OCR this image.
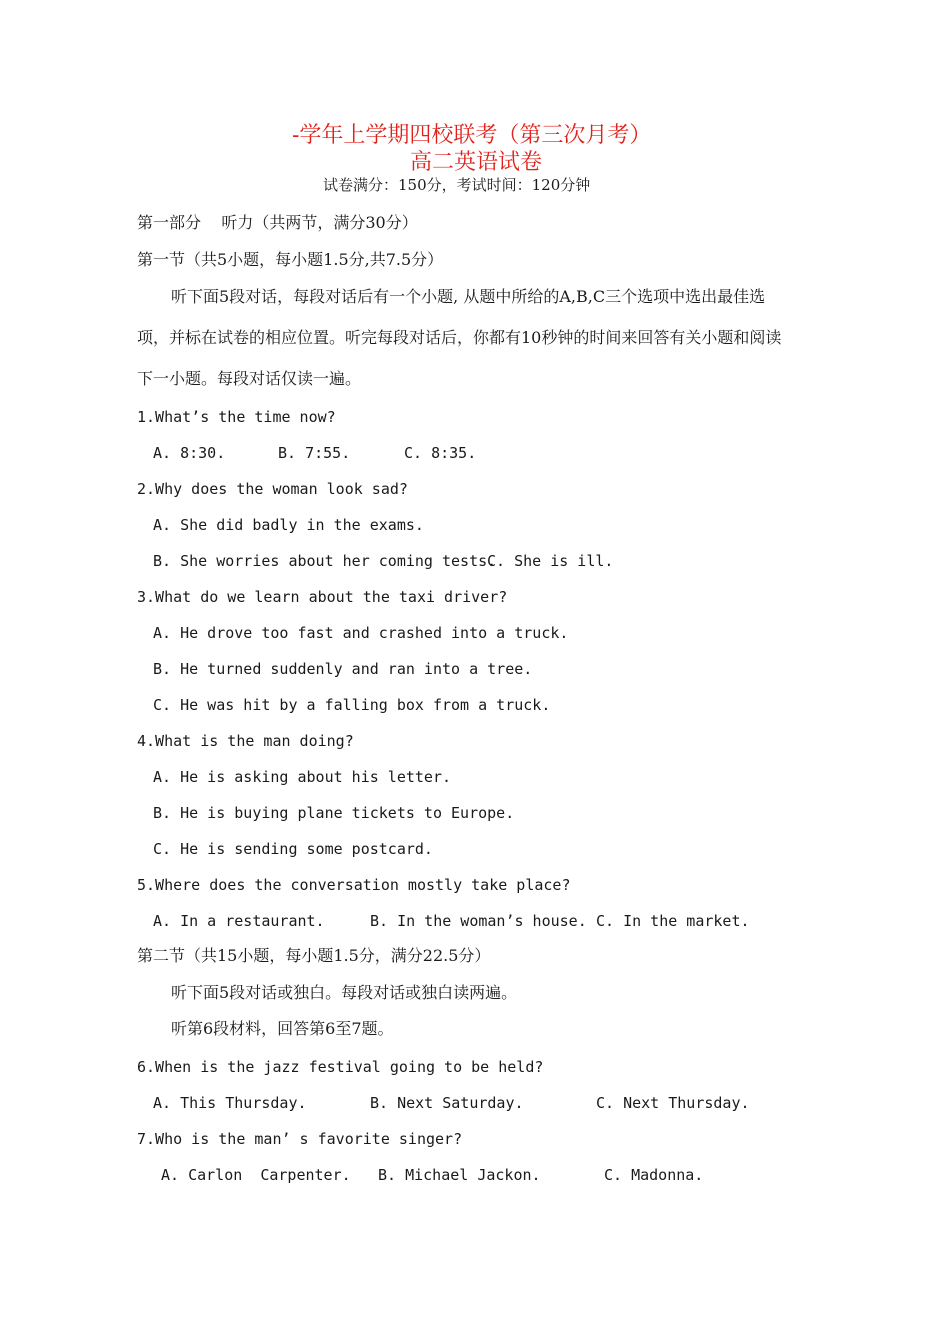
-学年上学期四校联考（第三次月考）
高二英语试卷
试卷满分：150分，考试时间：120分钟
第一部分    听力（共两节，满分30分）
第一节（共5小题，每小题1.5分,共7.5分）
听下面5段对话，每段对话后有一个小题, 从题中所给的A,B,C三个选项中选出最佳选
项，并标在试卷的相应位置。听完每段对话后，你都有10秒钟的时间来回答有关小题和阅读
下一小题。每段对话仅读一遍。
1.What’s the time now?
A. 8:30.	B. 7:55.	C. 8:35.
2.Why does the woman look sad?
A. She did badly in the exams.
B. She worries about her coming tests.
C. She is ill.
3.What do we learn about the taxi driver?
A. He drove too fast and crashed into a truck.
B. He turned suddenly and ran into a tree.
C. He was hit by a falling box from a truck.
4.What is the man doing?
A. He is asking about his letter.
B. He is buying plane tickets to Europe.
C. He is sending some postcard.
5.Where does the conversation mostly take place?
A. In a restaurant.	B. In the woman’s house. C. In the market.
第二节（共15小题，每小题1.5分，满分22.5分）
听下面5段对话或独白。每段对话或独白读两遍。
听第6段材料，回答第6至7题。
6.When is the jazz festival going to be held?
A. This Thursday.	B. Next Saturday.	C. Next Thursday.
7.Who is the man’ s favorite singer?
A. Carlon  Carpenter. B. Michael Jackon.	C. Madonna.
